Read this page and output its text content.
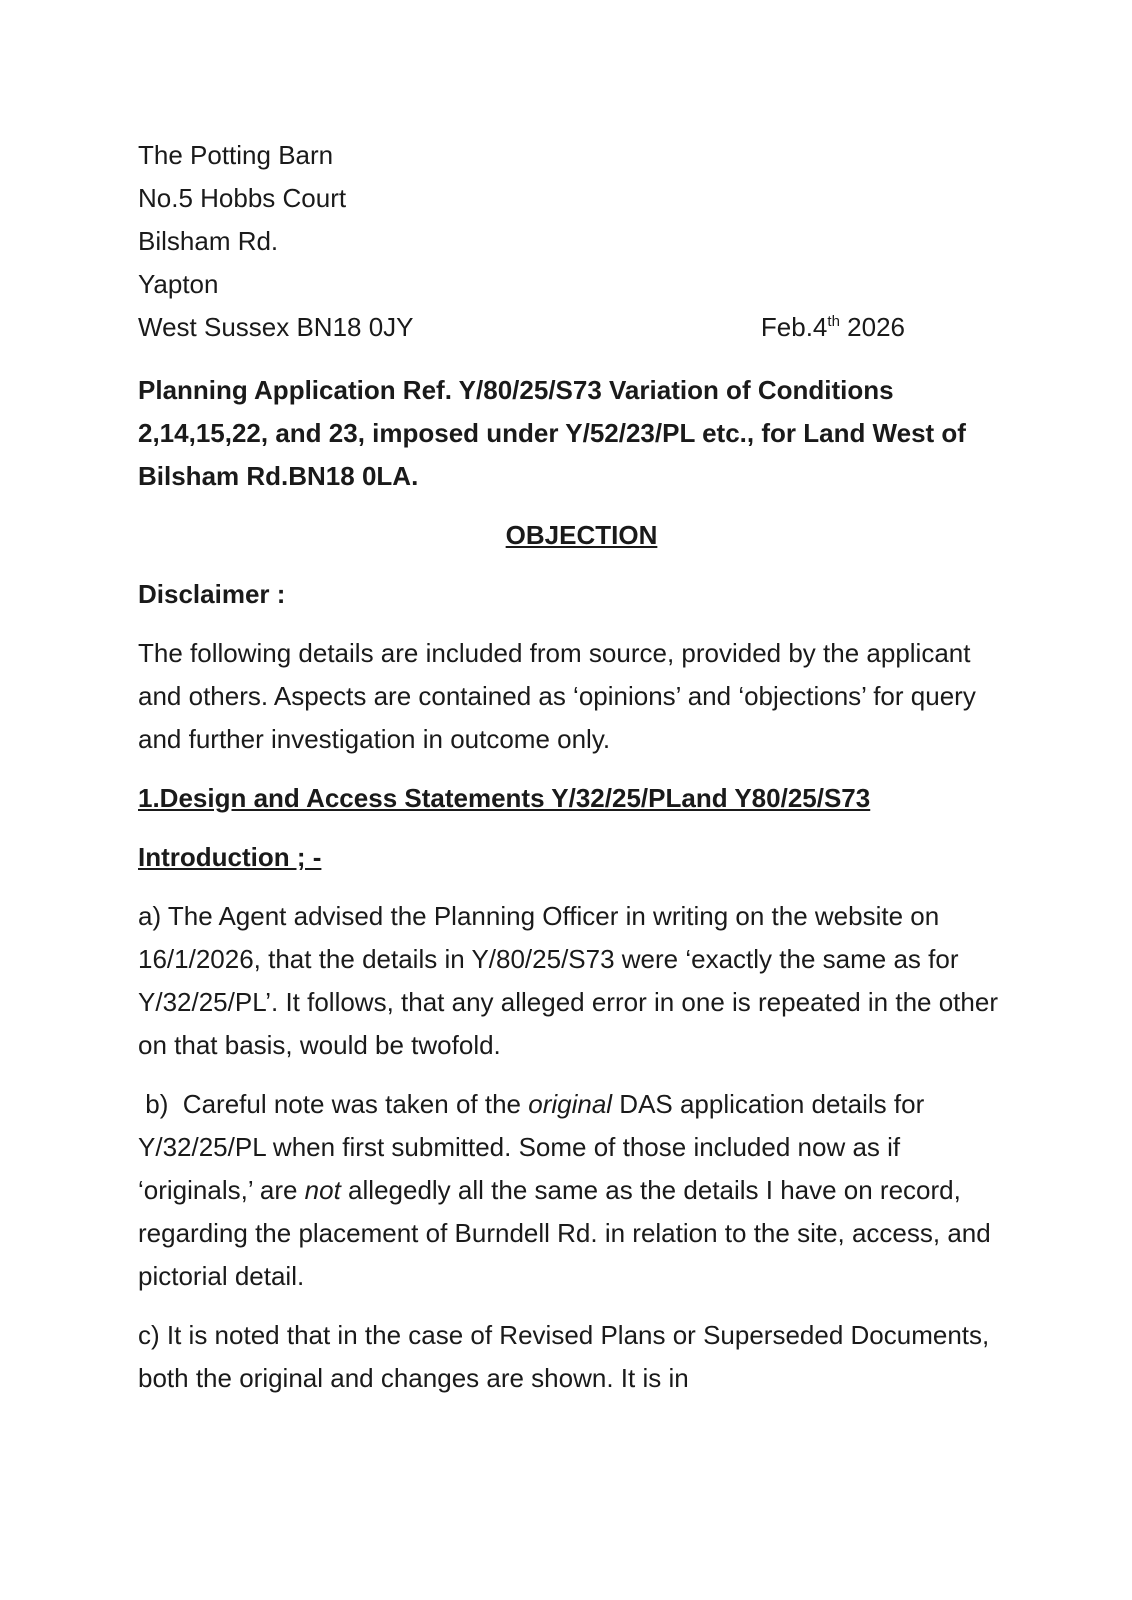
The Potting Barn

No.5 Hobbs Court

Bilsham Rd.

Yapton

West Sussex BN18 0JY	Feb.4th 2026

Planning Application Ref. Y/80/25/S73 Variation of Conditions 2,14,15,22, and 23, imposed under Y/52/23/PL etc., for Land West of Bilsham Rd.BN18 0LA.

OBJECTION
Disclaimer :

The following details are included from source, provided by the applicant and others. Aspects are contained as ‘opinions’ and ‘objections’ for query and further investigation in outcome only.

1.Design and Access Statements Y/32/25/PLand Y80/25/S73
Introduction ; -

a) The Agent advised the Planning Officer in writing on the website on 16/1/2026, that the details in Y/80/25/S73 were ‘exactly the same as for Y/32/25/PL’. It follows, that any alleged error in one is repeated in the other on that basis, would be twofold.

b)  Careful note was taken of the original DAS application details for Y/32/25/PL when first submitted. Some of those included now as if ‘originals,’ are not allegedly all the same as the details I have on record, regarding the placement of Burndell Rd. in relation to the site, access, and pictorial detail.

c) It is noted that in the case of Revised Plans or Superseded Documents, both the original and changes are shown. It is in
